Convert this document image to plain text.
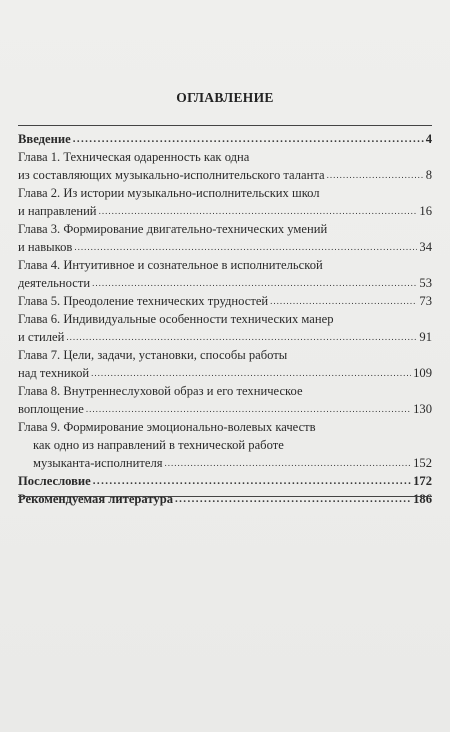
ОГЛАВЛЕНИЕ
Введение .....	4
Глава 1. Техническая одаренность как одна
из составляющих музыкально-исполнительского таланта .....	8
Глава 2. Из истории музыкально-исполнительских школ
и направлений .....	16
Глава 3. Формирование двигательно-технических умений
и навыков .....	34
Глава 4. Интуитивное и сознательное в исполнительской
деятельности .....	53
Глава 5. Преодоление технических трудностей .....	73
Глава 6. Индивидуальные особенности технических манер
и стилей .....	91
Глава 7. Цели, задачи, установки, способы работы
над техникой .....	109
Глава 8. Внутреннеслуховой образ и его техническое
воплощение .....	130
Глава 9. Формирование эмоционально-волевых качеств
как одно из направлений в технической работе
музыканта-исполнителя .....	152
Послесловие .....	172
Рекомендуемая литература .....	186
